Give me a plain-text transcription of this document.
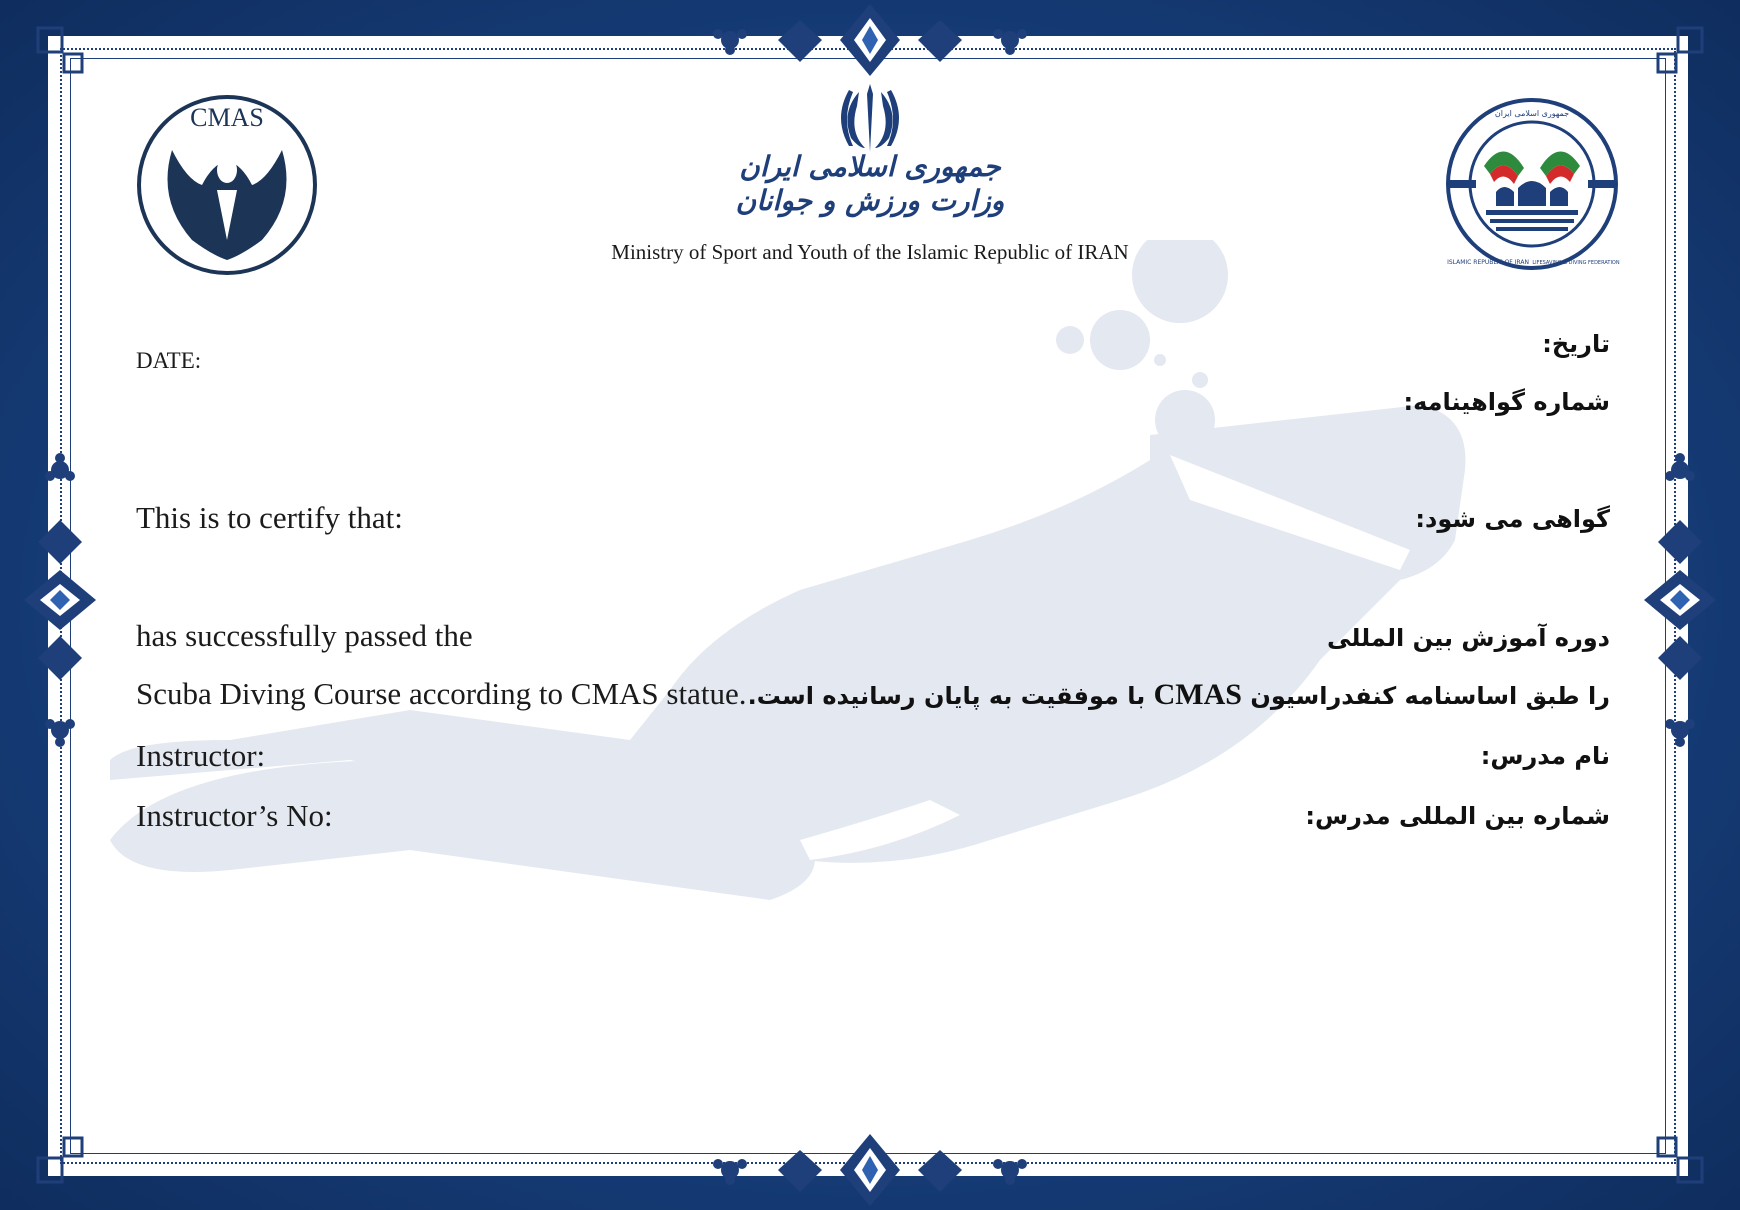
CMAS
جمهوری اسلامی ایران
وزارت ورزش و جوانان
Ministry of Sport and Youth of the Islamic Republic of IRAN
جمهوری اسلامی ایران
ISLAMIC REPUBLIC OF IRAN LIFESAVING & DIVING FEDERATION
DATE:
This is to certify that:
has successfully passed the
Scuba Diving Course according to CMAS statue.
Instructor:
Instructor’s No:
تاریخ:
شماره گواهینامه:
گواهی می شود:
دوره آموزش بین المللی
را طبق اساسنامه کنفدراسیون CMAS با موفقیت به پایان رسانیده است.
نام مدرس:
شماره بین المللی مدرس:
